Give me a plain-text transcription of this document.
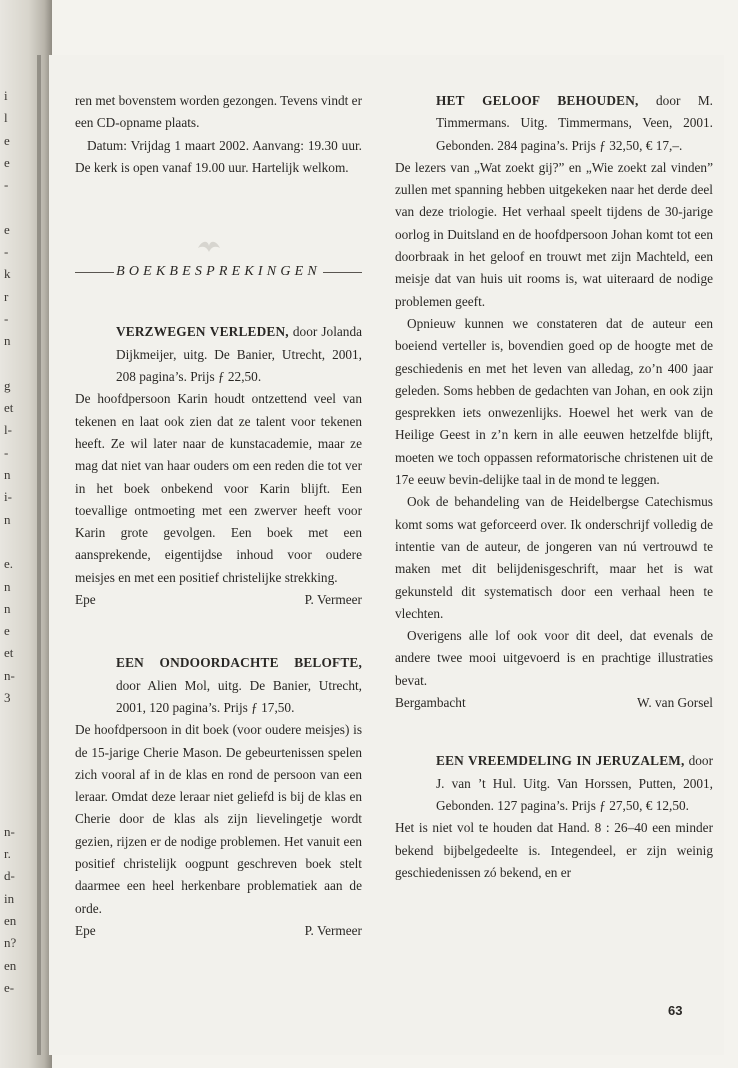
i
l
e
e
-
e
-
k
r
-
n
g
et
l-
-
n
i-
n
e.
n
n
e
et
n-
3
n-
r.
d-
in
en
n?
en
e-

ren met bovenstem worden gezongen. Tevens vindt er een CD-opname plaats.

Datum: Vrijdag 1 maart 2002. Aanvang: 19.30 uur. De kerk is open vanaf 19.00 uur. Hartelijk welkom.

BOEKBESPREKINGEN

VERZWEGEN VERLEDEN, door Jolanda Dijkmeijer, uitg. De Banier, Utrecht, 2001, 208 pagina’s. Prijs ƒ 22,50.

De hoofdpersoon Karin houdt ontzettend veel van tekenen en laat ook zien dat ze talent voor tekenen heeft. Ze wil later naar de kunstacademie, maar ze mag dat niet van haar ouders om een reden die tot ver in het boek onbekend voor Karin blijft. Een toevallige ontmoeting met een zwerver heeft voor Karin grote gevolgen. Een boek met een aansprekende, eigentijdse inhoud voor oudere meisjes en met een positief christelijke strekking.

Epe	P. Vermeer

EEN ONDOORDACHTE BELOFTE, door Alien Mol, uitg. De Banier, Utrecht, 2001, 120 pagina’s. Prijs ƒ 17,50.

De hoofdpersoon in dit boek (voor oudere meisjes) is de 15-jarige Cherie Mason. De gebeurtenissen spelen zich vooral af in de klas en rond de persoon van een leraar. Omdat deze leraar niet geliefd is bij de klas en Cherie door de klas als zijn lievelingetje wordt gezien, rijzen er de nodige problemen. Het vanuit een positief christelijk oogpunt geschreven boek stelt daarmee een heel herkenbare problematiek aan de orde.

Epe	P. Vermeer

HET GELOOF BEHOUDEN, door M. Timmermans. Uitg. Timmermans, Veen, 2001. Gebonden. 284 pagina’s. Prijs ƒ 32,50, € 17,–.

De lezers van „Wat zoekt gij?” en „Wie zoekt zal vinden” zullen met spanning hebben uitgekeken naar het derde deel van deze triologie. Het verhaal speelt tijdens de 30-jarige oorlog in Duitsland en de hoofdpersoon Johan komt tot een doorbraak in het geloof en trouwt met zijn Machteld, een meisje dat van huis uit rooms is, wat uiteraard de nodige problemen geeft.

Opnieuw kunnen we constateren dat de auteur een boeiend verteller is, bovendien goed op de hoogte met de geschiedenis en met het leven van alledag, zo’n 400 jaar geleden. Soms hebben de gedachten van Johan, en ook zijn gesprekken iets onwezenlijks. Hoewel het werk van de Heilige Geest in z’n kern in alle eeuwen hetzelfde blijft, moeten we toch oppassen reformatorische christenen uit de 17e eeuw bevin-delijke taal in de mond te leggen.

Ook de behandeling van de Heidelbergse Catechismus komt soms wat geforceerd over. Ik onderschrijf volledig de intentie van de auteur, de jongeren van nú vertrouwd te maken met dit belijdenisgeschrift, maar het is wat gekunsteld dit systematisch door een verhaal heen te vlechten.

Overigens alle lof ook voor dit deel, dat evenals de andere twee mooi uitgevoerd is en prachtige illustraties bevat.

Bergambacht	W. van Gorsel

EEN VREEMDELING IN JERUZALEM, door J. van ’t Hul. Uitg. Van Horssen, Putten, 2001, Gebonden. 127 pagina’s. Prijs ƒ 27,50, € 12,50.

Het is niet vol te houden dat Hand. 8 : 26–40 een minder bekend bijbelgedeelte is. Integendeel, er zijn weinig geschiedenissen zó bekend, en er

63
